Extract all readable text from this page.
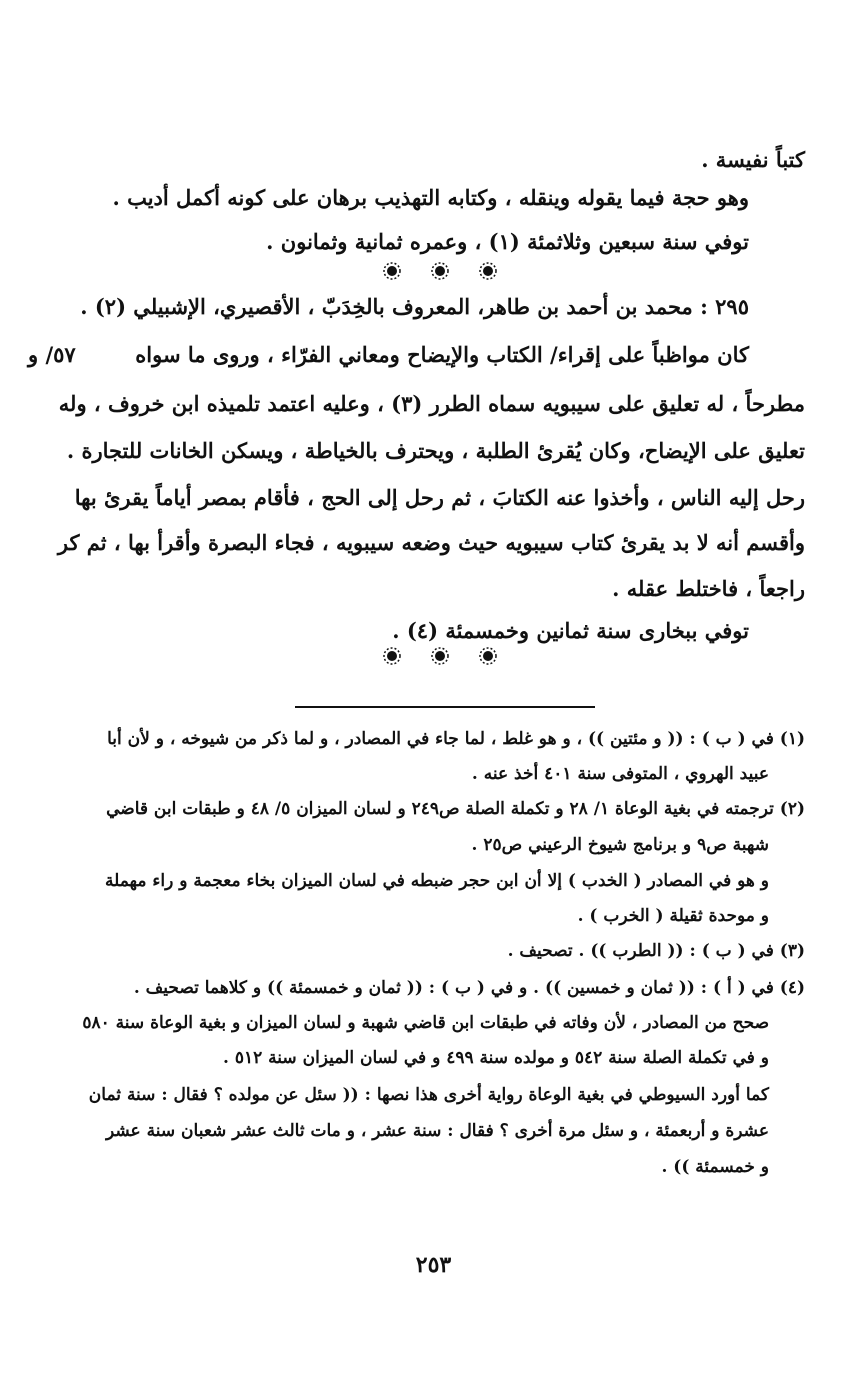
كتباً نفيسة .
وهو حجة فيما يقوله وينقله ، وكتابه التهذيب برهان على كونه أكمل أديب .
توفي سنة سبعين وثلاثمئة (١) ، وعمره ثمانية وثمانون .
٢٩٥ : محمد بن أحمد بن طاهر، المعروف بالخِدَبّ ، الأقصيري، الإشبيلي (٢) .
كان مواظباً على إقراء/ الكتاب والإيضاح ومعاني الفرّاء ، وروى ما سواه
٥٧/ و
مطرحاً ، له تعليق على سيبويه سماه الطرر (٣) ، وعليه اعتمد تلميذه ابن خروف ، وله
تعليق على الإيضاح، وكان يُقرئ الطلبة ، ويحترف بالخياطة ، ويسكن الخانات للتجارة .
رحل إليه الناس ، وأخذوا عنه الكتابَ ، ثم رحل إلى الحج ، فأقام بمصر أياماً يقرئ بها
وأقسم أنه لا بد يقرئ كتاب سيبويه حيث وضعه سيبويه ، فجاء البصرة وأقرأ بها ، ثم كر
راجعاً ، فاختلط عقله .
توفي ببخارى سنة ثمانين وخمسمئة (٤) .
(١) في ( ب ) : (( و مئتين )) ، و هو غلط ، لما جاء في المصادر ، و لما ذكر من شيوخه ، و لأن أبا
عبيد الهروي ، المتوفى سنة ٤٠١ أخذ عنه .
(٢) ترجمته في بغية الوعاة ١/ ٢٨ و تكملة الصلة ص٢٤٩ و لسان الميزان ٥/ ٤٨ و طبقات ابن قاضي
شهبة ص٩ و برنامج شيوخ الرعيني ص٢٥ .
و هو في المصادر ( الخدب ) إلا أن ابن حجر ضبطه في لسان الميزان بخاء معجمة و راء مهملة
و موحدة ثقيلة ( الخرب ) .
(٣) في ( ب ) : (( الطرب )) . تصحيف .
(٤) في ( أ ) : (( ثمان و خمسين )) . و في ( ب ) : (( ثمان و خمسمئة )) و كلاهما تصحيف .
صحح من المصادر ، لأن وفاته في طبقات ابن قاضي شهبة و لسان الميزان و بغية الوعاة سنة ٥٨٠
و في تكملة الصلة سنة ٥٤٢ و مولده سنة ٤٩٩ و في لسان الميزان سنة ٥١٢ .
كما أورد السيوطي في بغية الوعاة رواية أخرى هذا نصها : (( سئل عن مولده ؟ فقال : سنة ثمان
عشرة و أربعمئة ، و سئل مرة أخرى ؟ فقال : سنة عشر ، و مات ثالث عشر شعبان سنة عشر
و خمسمئة )) .
٢٥٣
